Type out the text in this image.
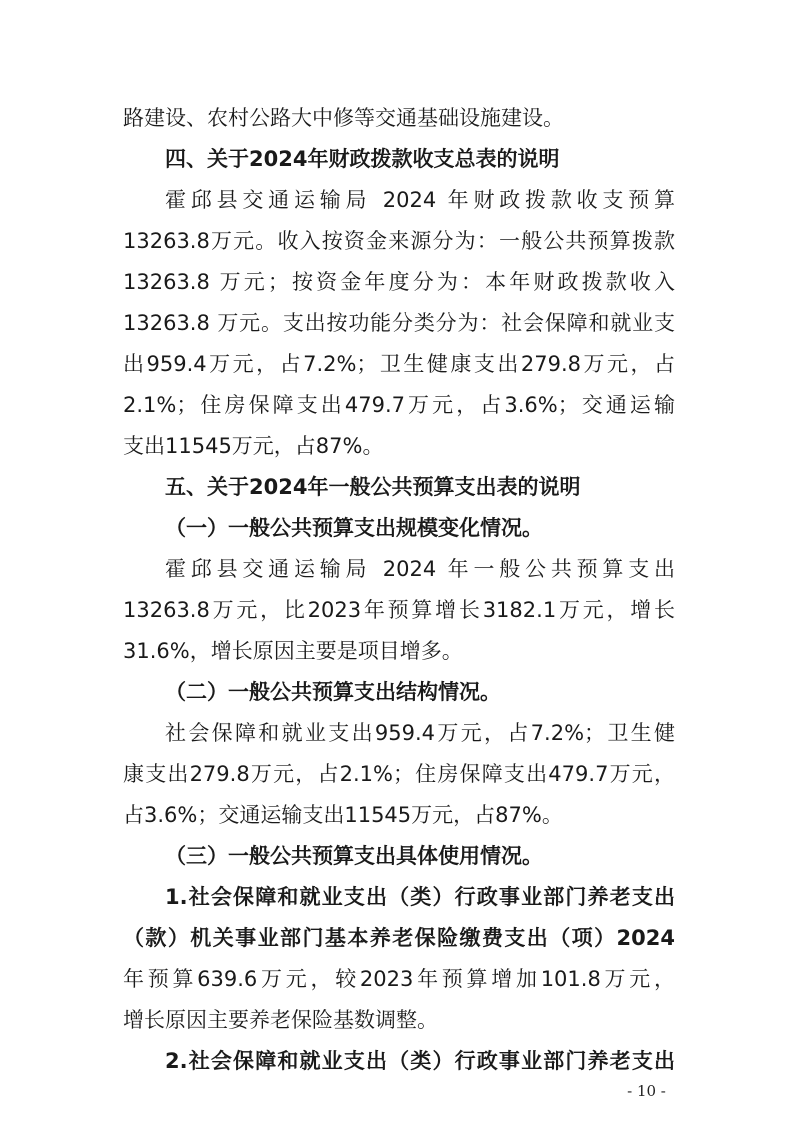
路建设、农村公路大中修等交通基础设施建设。
四、关于2024年财政拨款收支总表的说明
霍邱县交通运输局 2024 年财政拨款收支预算
13263.8万元。收入按资金来源分为：一般公共预算拨款
13263.8 万元；按资金年度分为：本年财政拨款收入
13263.8 万元。支出按功能分类分为：社会保障和就业支
出959.4万元，占7.2%；卫生健康支出279.8万元，占
2.1%；住房保障支出479.7万元，占3.6%；交通运输
支出11545万元，占87%。
五、关于2024年一般公共预算支出表的说明
（一）一般公共预算支出规模变化情况。
霍邱县交通运输局 2024 年一般公共预算支出
13263.8万元，比2023年预算增长3182.1万元，增长
31.6%，增长原因主要是项目增多。
（二）一般公共预算支出结构情况。
社会保障和就业支出959.4万元，占7.2%；卫生健
康支出279.8万元，占2.1%；住房保障支出479.7万元，
占3.6%；交通运输支出11545万元，占87%。
（三）一般公共预算支出具体使用情况。
1.社会保障和就业支出（类）行政事业部门养老支出
（款）机关事业部门基本养老保险缴费支出（项）2024
年预算639.6万元，较2023年预算增加101.8万元，
增长原因主要养老保险基数调整。
2.社会保障和就业支出（类）行政事业部门养老支出
- 10 -
